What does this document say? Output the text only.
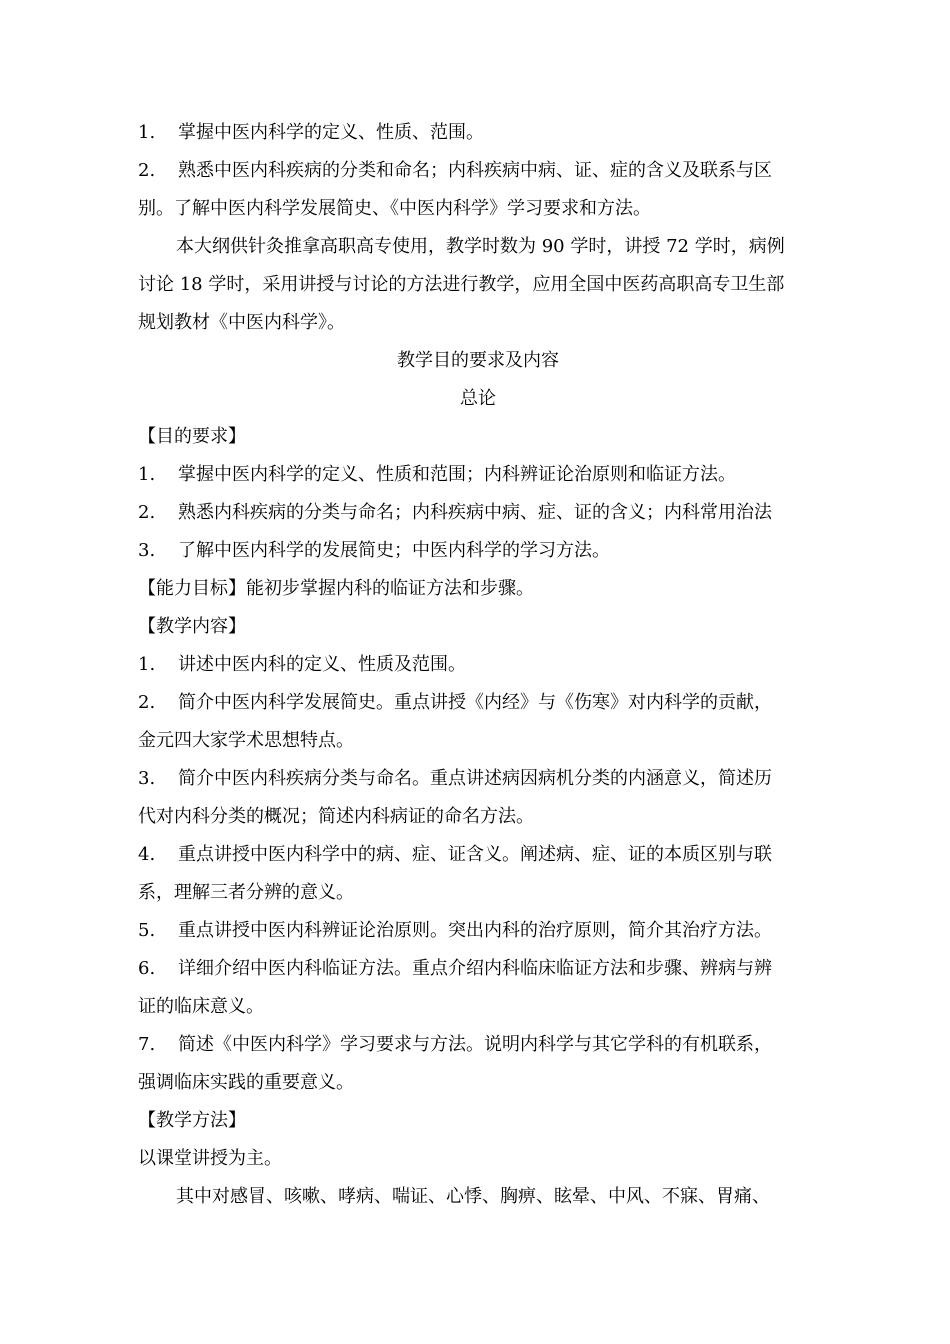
1. 掌握中医内科学的定义、性质、范围。

2. 熟悉中医内科疾病的分类和命名；内科疾病中病、证、症的含义及联系与区

别。了解中医内科学发展简史、《中医内科学》学习要求和方法。

本大纲供针灸推拿高职高专使用，教学时数为 90 学时，讲授 72 学时，病例

讨论 18 学时，采用讲授与讨论的方法进行教学，应用全国中医药高职高专卫生部

规划教材《中医内科学》。

教学目的要求及内容

总论

【目的要求】

1. 掌握中医内科学的定义、性质和范围；内科辨证论治原则和临证方法。

2. 熟悉内科疾病的分类与命名；内科疾病中病、症、证的含义；内科常用治法

3. 了解中医内科学的发展简史；中医内科学的学习方法。

【能力目标】能初步掌握内科的临证方法和步骤。

【教学内容】

1. 讲述中医内科的定义、性质及范围。

2. 简介中医内科学发展简史。重点讲授《内经》与《伤寒》对内科学的贡献，

金元四大家学术思想特点。

3. 简介中医内科疾病分类与命名。重点讲述病因病机分类的内涵意义，简述历

代对内科分类的概况；简述内科病证的命名方法。

4. 重点讲授中医内科学中的病、症、证含义。阐述病、症、证的本质区别与联

系，理解三者分辨的意义。

5. 重点讲授中医内科辨证论治原则。突出内科的治疗原则，简介其治疗方法。

6. 详细介绍中医内科临证方法。重点介绍内科临床临证方法和步骤、辨病与辨

证的临床意义。

7. 简述《中医内科学》学习要求与方法。说明内科学与其它学科的有机联系，

强调临床实践的重要意义。

【教学方法】

以课堂讲授为主。

其中对感冒、咳嗽、哮病、喘证、心悸、胸痹、眩晕、中风、不寐、胃痛、
